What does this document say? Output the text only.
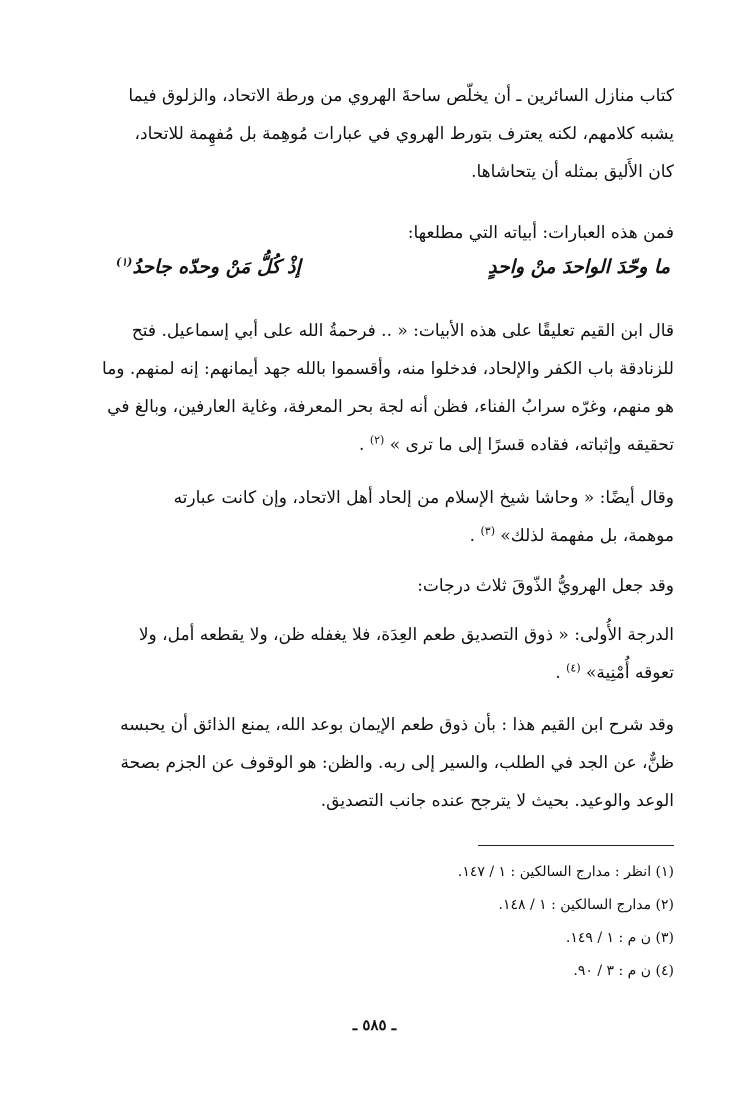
كتاب منازل السائرين ـ أن يخلّص ساحةَ الهروي من ورطة الاتحاد، والزلوق فيما

يشبه كلامهم، لكنه يعترف بتورط الهروي في عبارات مُوهِمة بل مُفهِمة للاتحاد،

كان الأَليق بمثله أن يتحاشاها.

فمن هذه العبارات: أبياته التي مطلعها:

ما وحّدَ الواحدَ منْ واحدٍ
إذْ كُلُّ مَنْ وحدّه جاحدُ$^{(١)}$

قال ابن القيم تعليقًا على هذه الأبيات: « .. فرحمةُ الله على أبي إسماعيل. فتح

للزنادقة باب الكفر والإلحاد، فدخلوا منه، وأقسموا بالله جهد أيمانهم: إنه لمنهم. وما

هو منهم، وغرّه سرابُ الفناء، فظن أنه لجة بحر المعرفة، وغاية العارفين، وبالغ في

تحقيقه وإثباته، فقاده قسرًا إلى ما ترى » $^{(٢)}$ .

وقال أيضًا: « وحاشا شيخ الإسلام من إلحاد أهل الاتحاد، وإن كانت عبارته

موهمة، بل مفهمة لذلك» $^{(٣)}$ .

وقد جعل الهرويُّ الذّوقَ ثلاث درجات:

الدرجة الأُولى: « ذوق التصديق طعم العِدَة، فلا يغفله ظن، ولا يقطعه أمل، ولا

تعوقه أُمْنِية» $^{(٤)}$ .

وقد شرح ابن القيم هذا : بأن ذوق طعم الإيمان بوعد الله، يمنع الذائق أن يحبسه

ظنٌّ، عن الجد في الطلب، والسير إلى ربه. والظن: هو الوقوف عن الجزم بصحة

الوعد والوعيد. بحيث لا يترجح عنده جانب التصديق.

(١) انظر : مدارج السالكين : ١ / ١٤٧.
(٢) مدارج السالكين : ١ / ١٤٨.
(٣) ن م : ١ / ١٤٩.
(٤) ن م : ٣ / ٩٠.
ـ ٥٨٥ ـ
